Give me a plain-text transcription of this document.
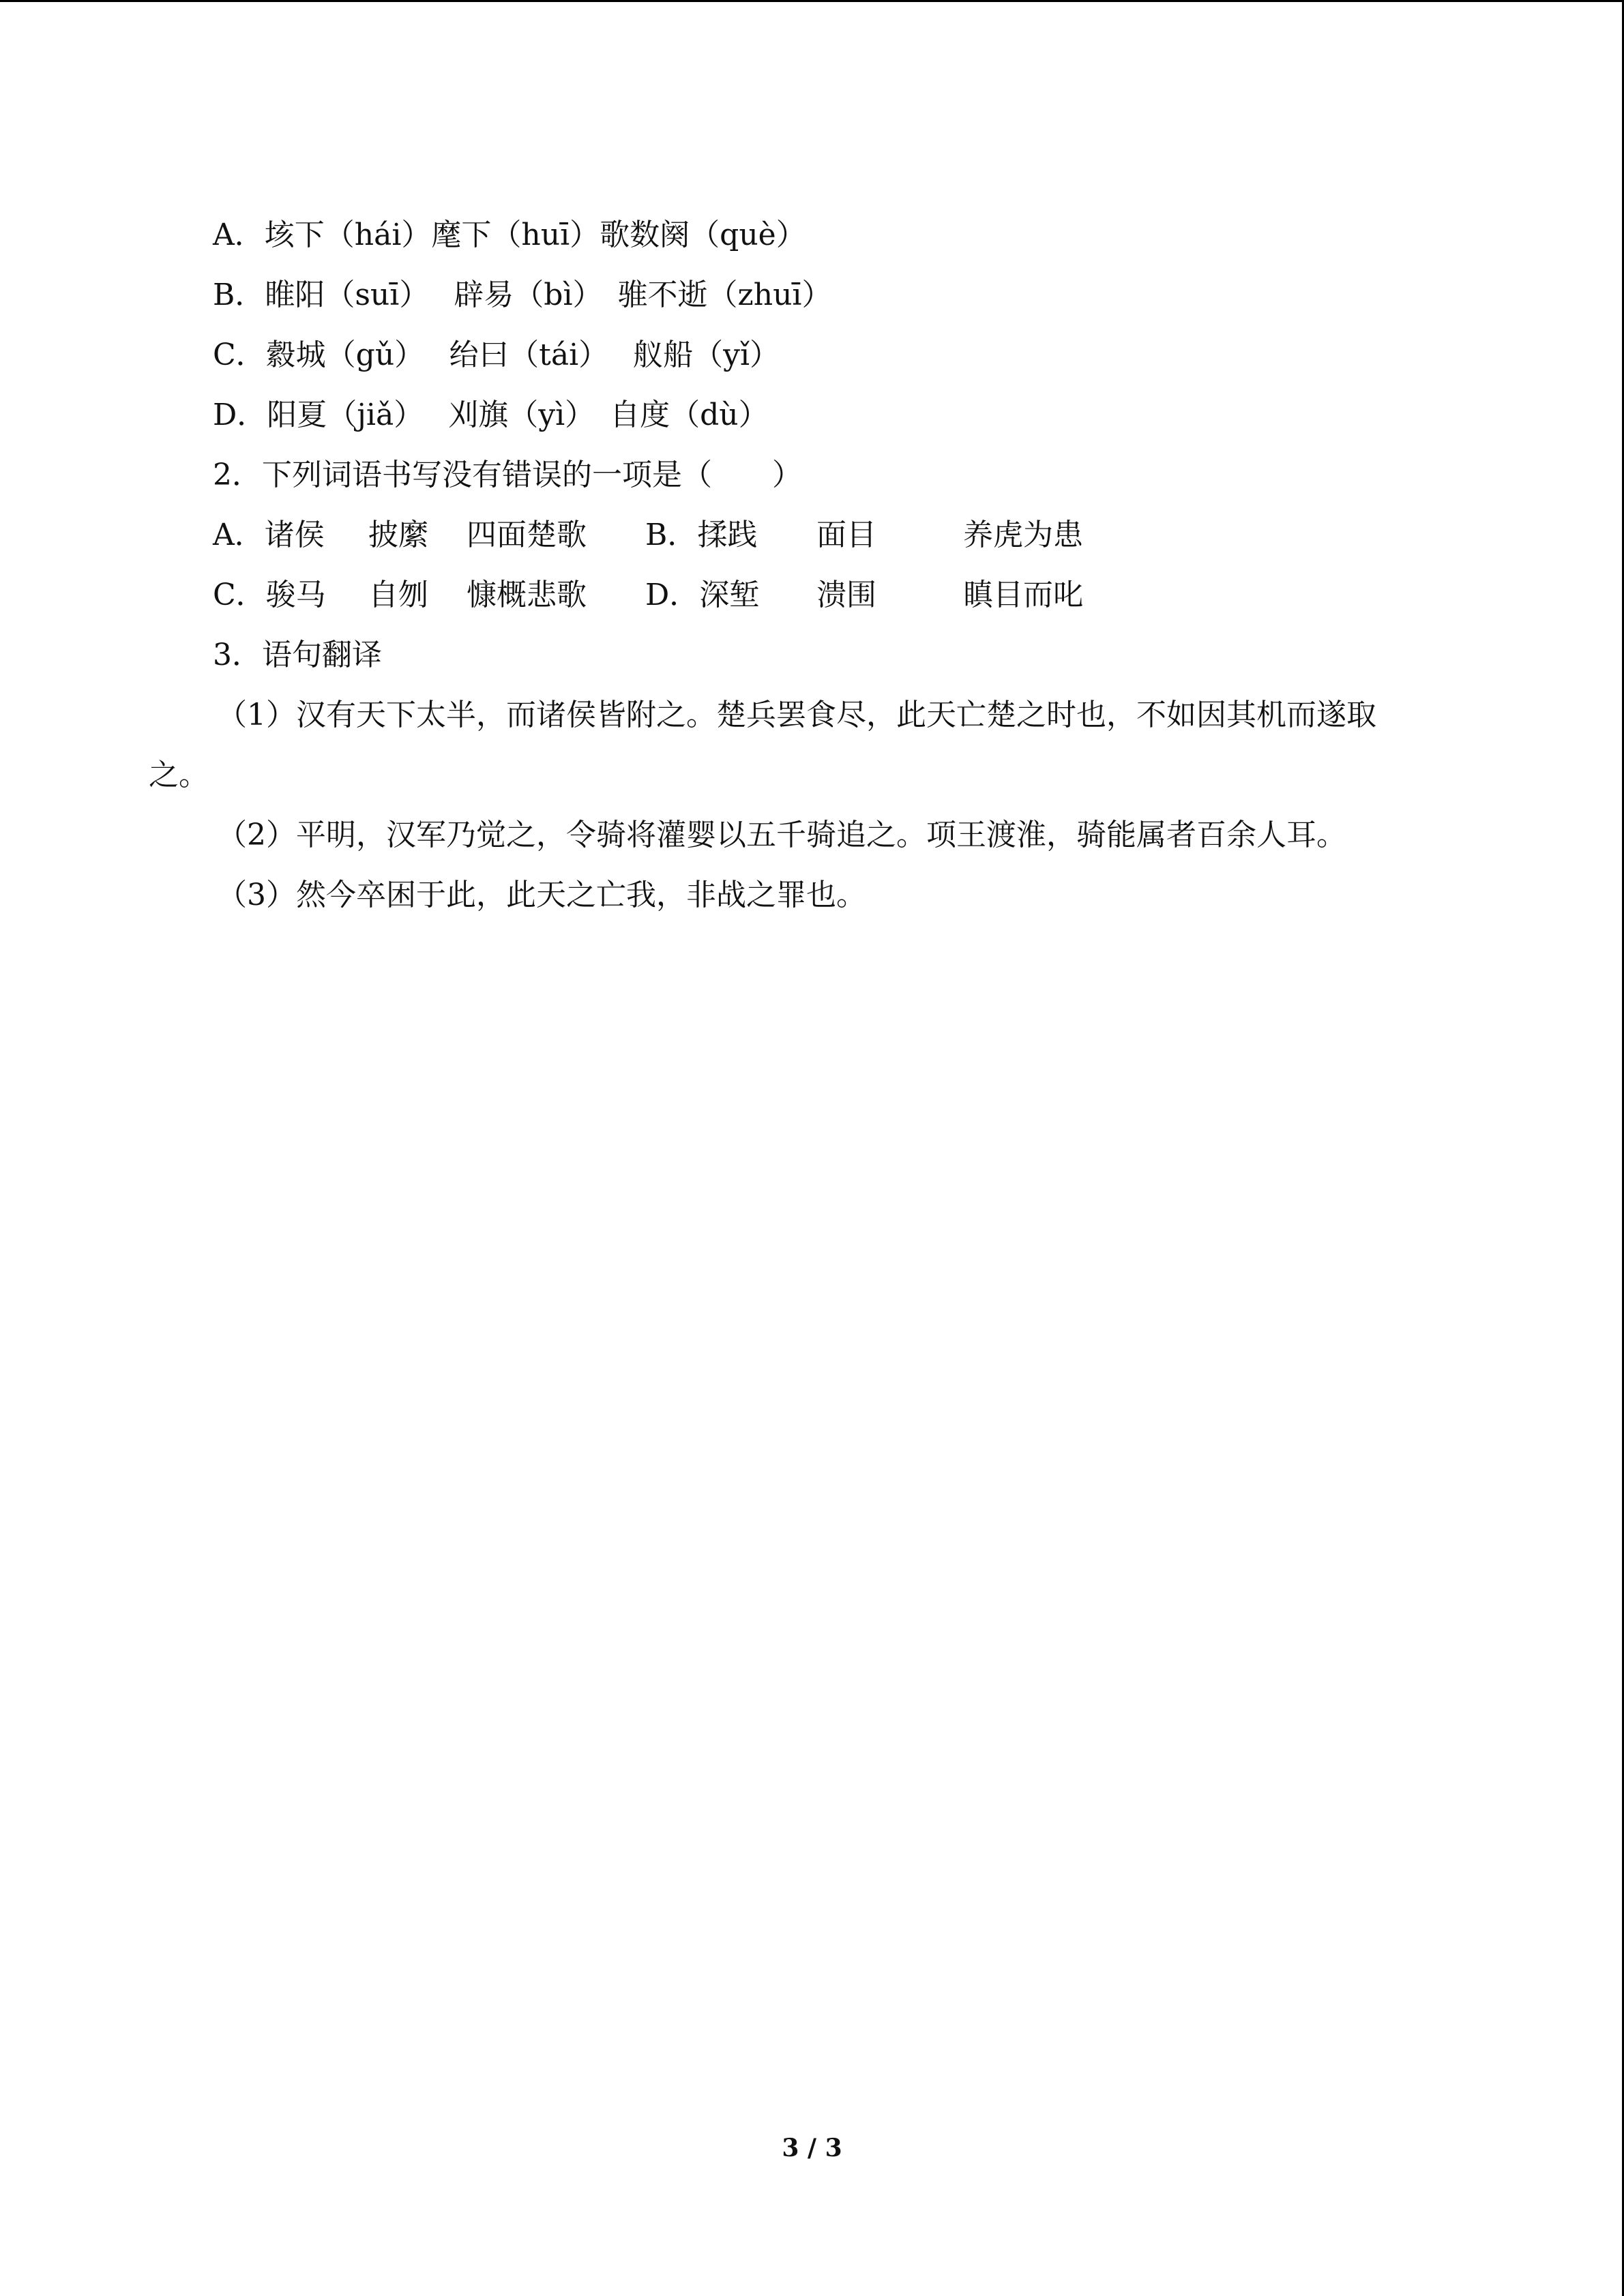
A．垓下（hái）麾下（huī）歌数阕（què）
B．睢阳（suī）　 辟易（bì）　骓不逝（zhuī）
C．縠城（gǔ）　 绐曰（tái）　 舣船（yǐ）
D．阳夏（jiǎ）　 刈旗（yì）　自度（dù）
2．下列词语书写没有错误的一项是（　　）
A．诸侯 披縻 四面楚歌 B．揉践 面目	养虎为患
C．骏马 自刎 慷概悲歌 D．深堑 溃围	瞋目而叱
3．语句翻译
（1）汉有天下太半，而诸侯皆附之。楚兵罢食尽，此天亡楚之时也，不如因其机而遂取
之。
（2）平明，汉军乃觉之，令骑将灌婴以五千骑追之。项王渡淮，骑能属者百余人耳。
（3）然今卒困于此，此天之亡我，非战之罪也。
3 / 3
